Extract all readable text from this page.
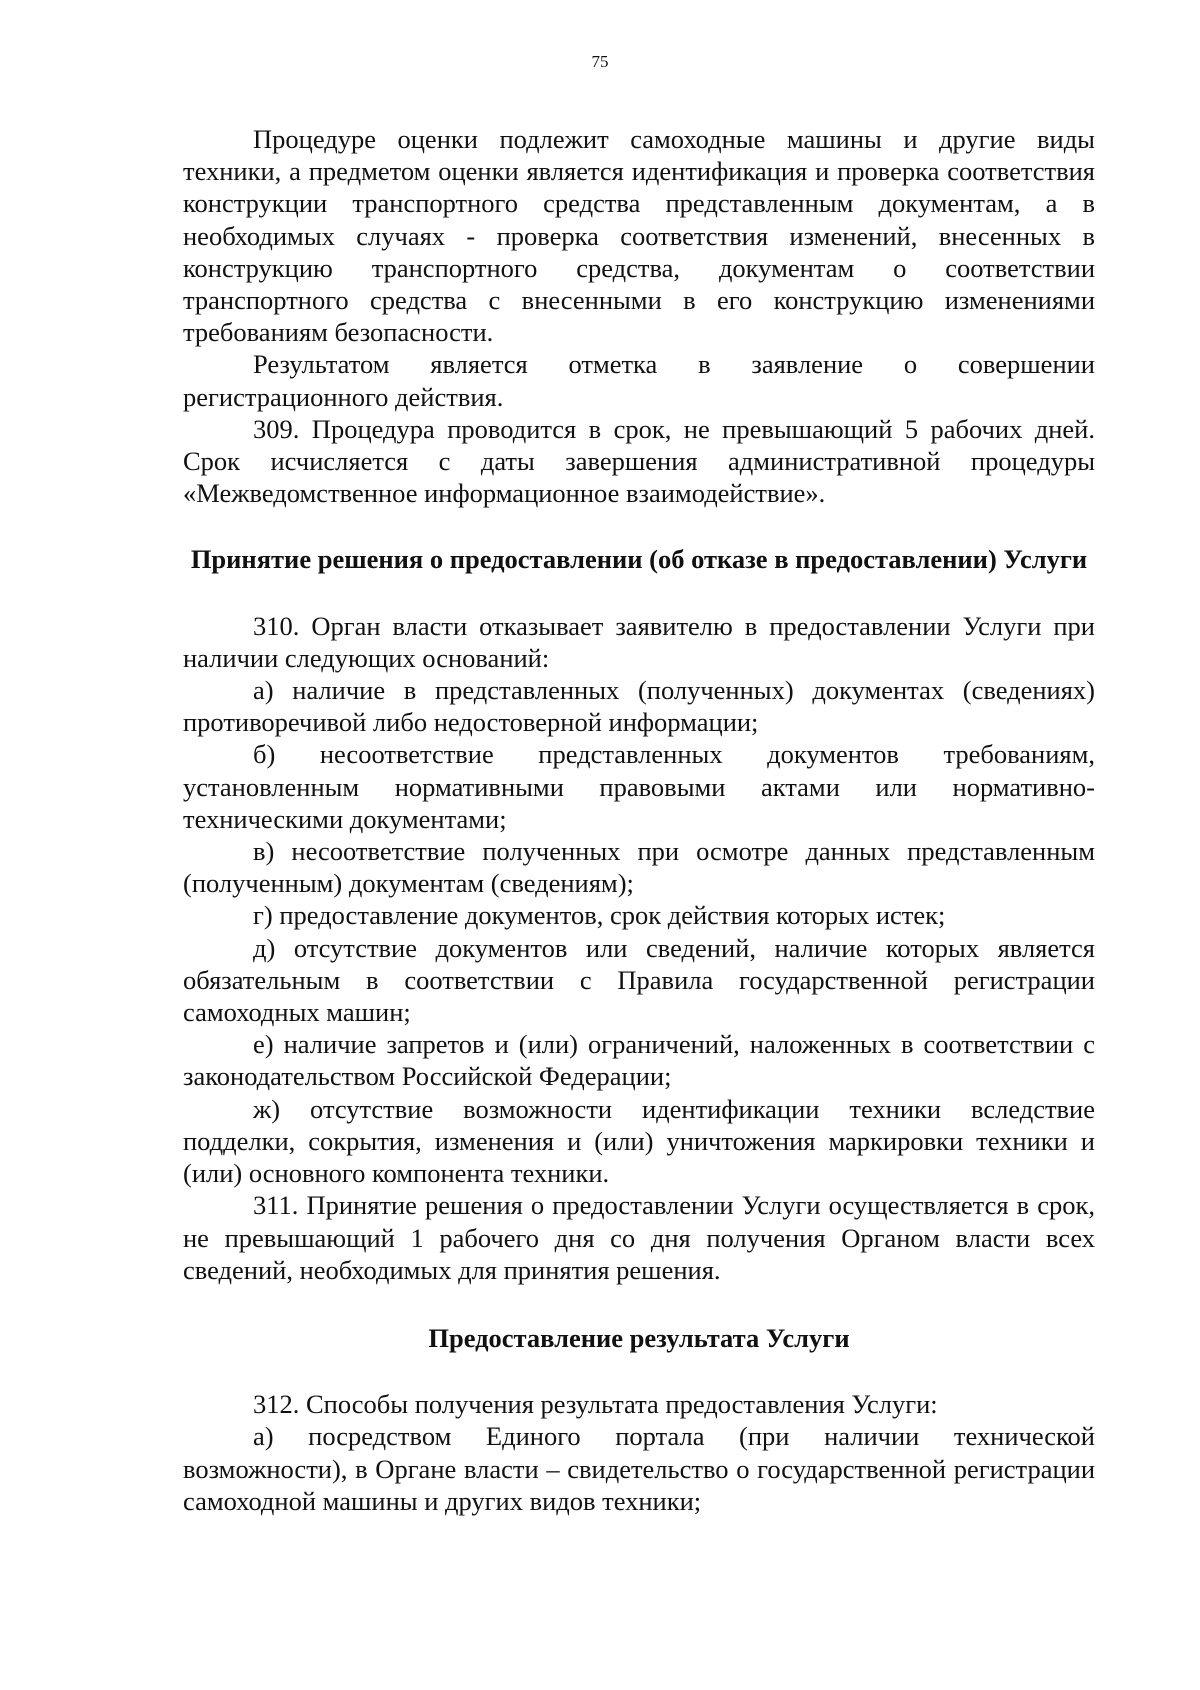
75

Процедуре оценки подлежит самоходные машины и другие виды техники, а предметом оценки является идентификация и проверка соответствия конструкции транспортного средства представленным документам, а в необходимых случаях - проверка соответствия изменений, внесенных в конструкцию транспортного средства, документам о соответствии транспортного средства с внесенными в его конструкцию изменениями требованиям безопасности.

Результатом является отметка в заявление о совершении регистрационного действия.

309. Процедура проводится в срок, не превышающий 5 рабочих дней. Срок исчисляется с даты завершения административной процедуры «Межведомственное информационное взаимодействие».

Принятие решения о предоставлении (об отказе в предоставлении) Услуги

310. Орган власти отказывает заявителю в предоставлении Услуги при наличии следующих оснований:

а) наличие в представленных (полученных) документах (сведениях) противоречивой либо недостоверной информации;

б) несоответствие представленных документов требованиям, установленным нормативными правовыми актами или нормативно-техническими документами;

в) несоответствие полученных при осмотре данных представленным (полученным) документам (сведениям);

г) предоставление документов, срок действия которых истек;

д) отсутствие документов или сведений, наличие которых является обязательным в соответствии с Правила государственной регистрации самоходных машин;

е) наличие запретов и (или) ограничений, наложенных в соответствии с законодательством Российской Федерации;

ж) отсутствие возможности идентификации техники вследствие подделки, сокрытия, изменения и (или) уничтожения маркировки техники и (или) основного компонента техники.

311. Принятие решения о предоставлении Услуги осуществляется в срок, не превышающий 1 рабочего дня со дня получения Органом власти всех сведений, необходимых для принятия решения.

Предоставление результата Услуги

312. Способы получения результата предоставления Услуги:

а) посредством Единого портала (при наличии технической возможности), в Органе власти – свидетельство о государственной регистрации самоходной машины и других видов техники;
